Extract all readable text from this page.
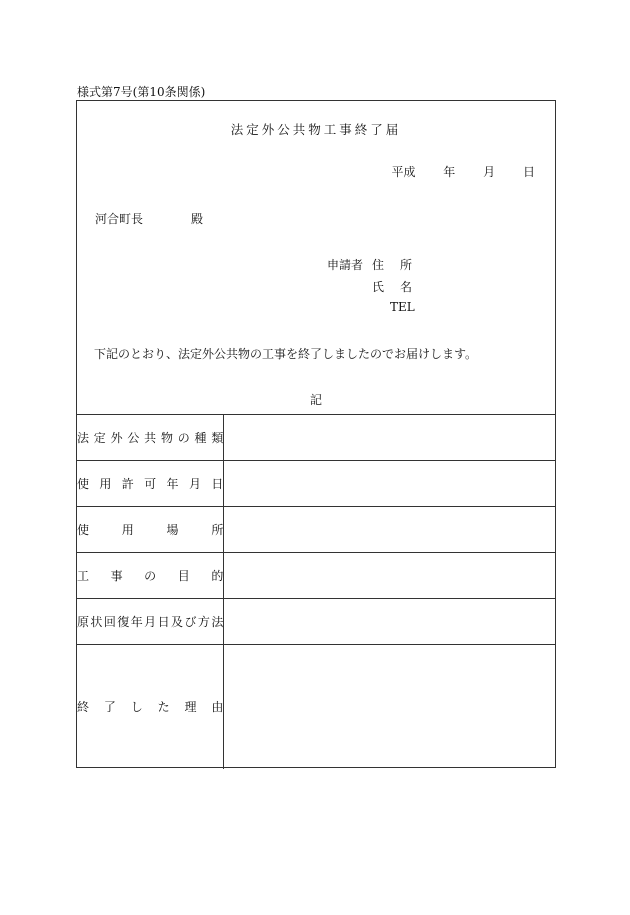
様式第7号(第10条関係)
法定外公共物工事終了届
平成 年 月 日
河合町長	殿
申請者 住所
氏名
TEL
下記のとおり、法定外公共物の工事を終了しましたのでお届けします。
記
法定外公共物の種類	
使用許可年月日	
使用場所	
工事の目的	
原状回復年月日及び方法	
終了した理由	
